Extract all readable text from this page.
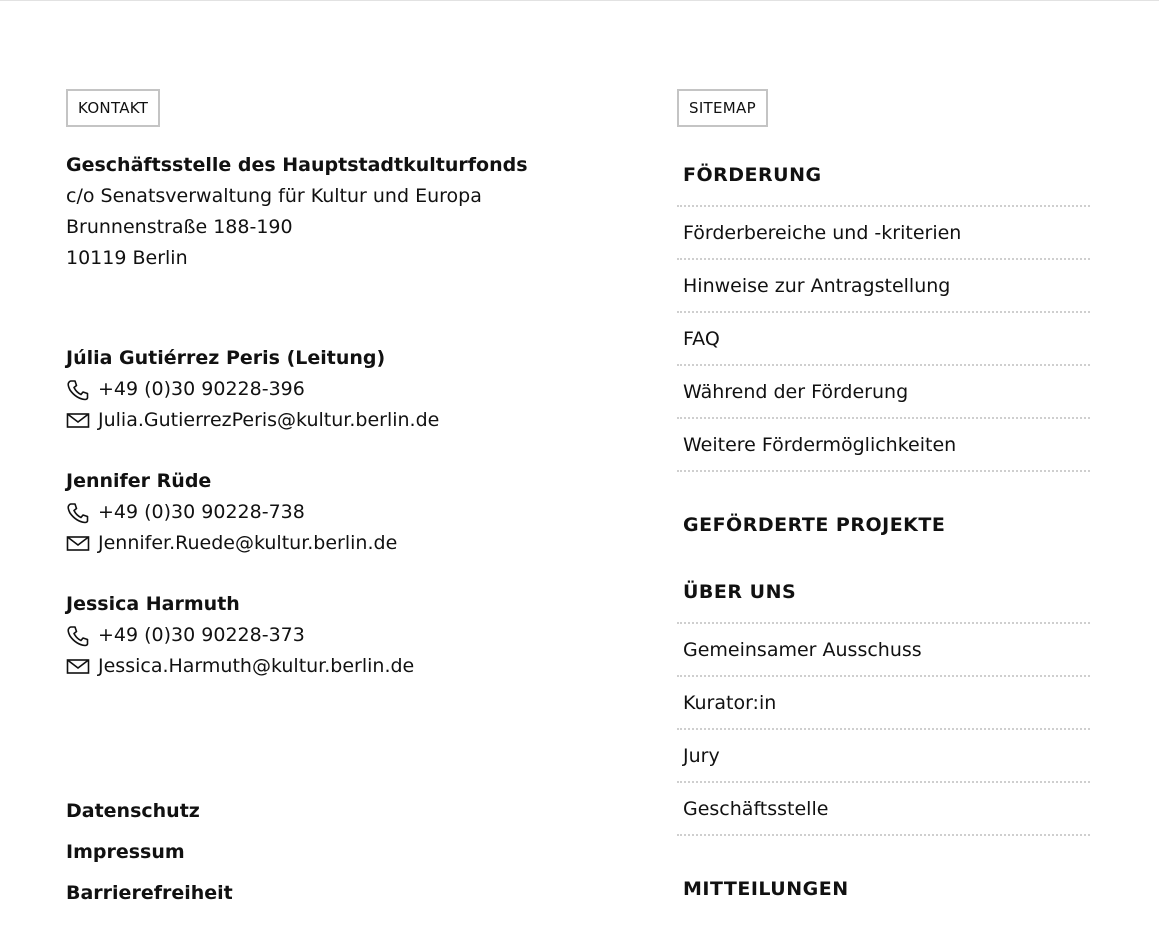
KONTAKT	SITEMAP
Geschäftsstelle des Hauptstadtkulturfonds
c/o Senatsverwaltung für Kultur und Europa
Brunnenstraße 188-190
10119 Berlin
Júlia Gutiérrez Peris (Leitung)
+49 (0)30 90228-396
Julia.GutierrezPeris@kultur.berlin.de
Jennifer Rüde
+49 (0)30 90228-738
Jennifer.Ruede@kultur.berlin.de
Jessica Harmuth
+49 (0)30 90228-373
Jessica.Harmuth@kultur.berlin.de
Datenschutz
Impressum
Barrierefreiheit
FÖRDERUNG
Förderbereiche und -kriterien
Hinweise zur Antragstellung
FAQ
Während der Förderung
Weitere Fördermöglichkeiten
GEFÖRDERTE PROJEKTE
ÜBER UNS
Gemeinsamer Ausschuss
Kurator:in
Jury
Geschäftsstelle
MITTEILUNGEN
